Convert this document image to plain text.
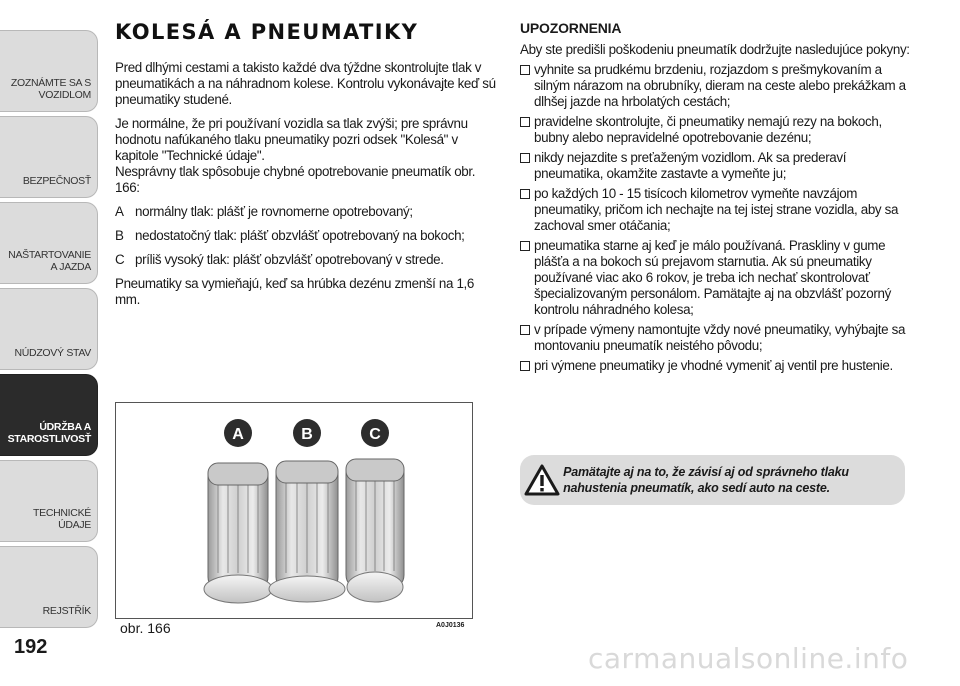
ZOZNÁMTE SA S VOZIDLOM
BEZPEČNOSŤ
NAŠTARTOVANIE A JAZDA
NÚDZOVÝ STAV
ÚDRŽBA A STAROSTLIVOSŤ
TECHNICKÉ ÚDAJE
REJSTŘÍK
192
KOLESÁ A PNEUMATIKY

Pred dlhými cestami a takisto každé dva týždne skontrolujte tlak v pneumatikách a na náhradnom kolese. Kontrolu vykonávajte keď sú pneumatiky studené.

Je normálne, že pri používaní vozidla sa tlak zvýši; pre správnu hodnotu nafúkaného tlaku pneumatiky pozri odsek "Kolesá" v kapitole "Technické údaje".

Nesprávny tlak spôsobuje chybné opotrebovanie pneumatík obr. 166:

A normálny tlak: plášť je rovnomerne opotrebovaný;
B nedostatočný tlak: plášť obzvlášť opotrebovaný na bokoch;
C príliš vysoký tlak: plášť obzvlášť opotrebovaný v strede.

Pneumatiky sa vymieňajú, keď sa hrúbka dezénu zmenší na 1,6 mm.

A	B	C
obr. 166	A0J0136
UPOZORNENIA

Aby ste predišli poškodeniu pneumatík dodržujte nasledujúce pokyny:

vyhnite sa prudkému brzdeniu, rozjazdom s prešmykovaním a silným nárazom na obrubníky, dieram na ceste alebo prekážkam a dlhšej jazde na hrbolatých cestách;
pravidelne skontrolujte, či pneumatiky nemajú rezy na bokoch, bubny alebo nepravidelné opotrebovanie dezénu;
nikdy nejazdite s preťaženým vozidlom. Ak sa prederaví pneumatika, okamžite zastavte a vymeňte ju;
po každých 10 - 15 tisícoch kilometrov vymeňte navzájom pneumatiky, pričom ich nechajte na tej istej strane vozidla, aby sa zachoval smer otáčania;
pneumatika starne aj keď je málo používaná. Praskliny v gume plášťa a na bokoch sú prejavom starnutia. Ak sú pneumatiky používané viac ako 6 rokov, je treba ich nechať skontrolovať špecializovaným personálom. Pamätajte aj na obzvlášť pozorný kontrolu náhradného kolesa;
v prípade výmeny namontujte vždy nové pneumatiky, vyhýbajte sa montovaniu pneumatík neistého pôvodu;
pri výmene pneumatiky je vhodné vymeniť aj ventil pre hustenie.
Pamätajte aj na to, že závisí aj od správneho tlaku nahustenia pneumatík, ako sedí auto na ceste.
carmanualsonline.info
